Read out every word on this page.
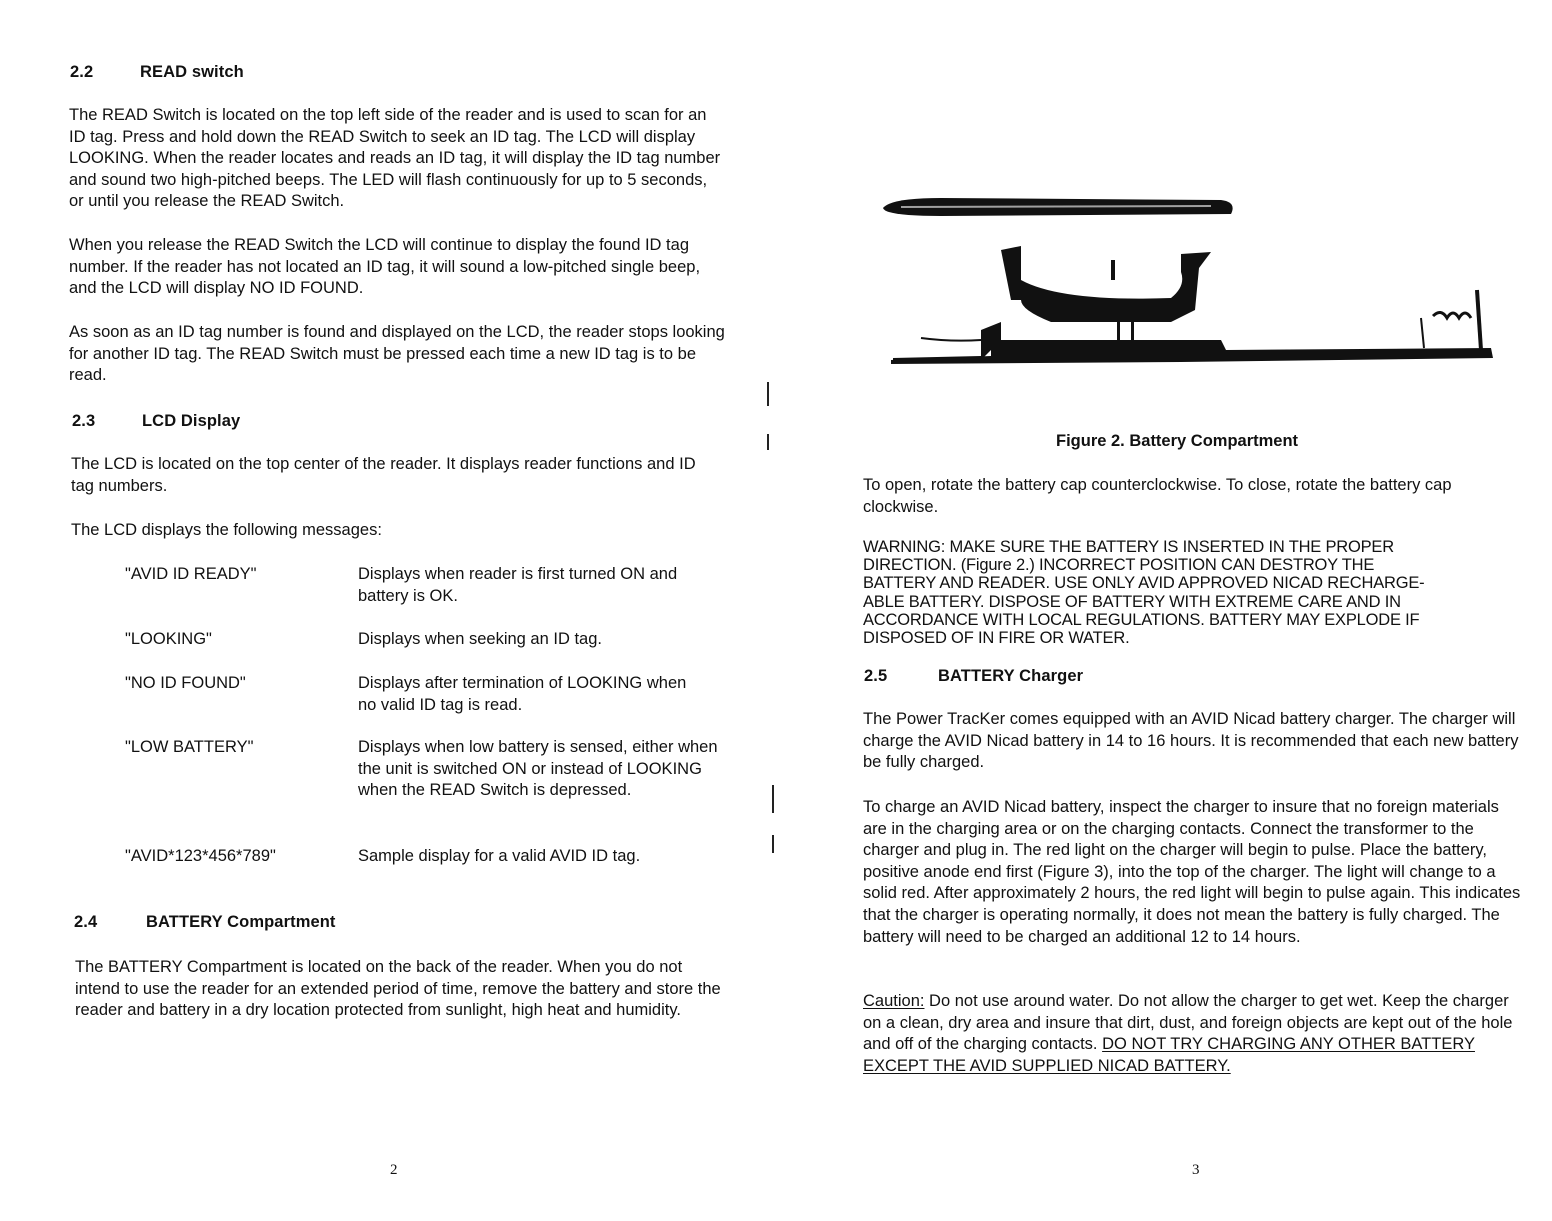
2.2	READ switch
The READ Switch is located on the top left side of the reader and is used to scan for an ID tag. Press and hold down the READ Switch to seek an ID tag. The LCD will display LOOKING. When the reader locates and reads an ID tag, it will display the ID tag number and sound two high-pitched beeps. The LED will flash continuously for up to 5 seconds, or until you release the READ Switch.
When you release the READ Switch the LCD will continue to display the found ID tag number. If the reader has not located an ID tag, it will sound a low-pitched single beep, and the LCD will display NO ID FOUND.
As soon as an ID tag number is found and displayed on the LCD, the reader stops looking for another ID tag. The READ Switch must be pressed each time a new ID tag is to be read.
2.3	LCD Display
The LCD is located on the top center of the reader. It displays reader functions and ID tag numbers.
The LCD displays the following messages:
"AVID ID READY"	Displays when reader is first turned ON and battery is OK.
"LOOKING"	Displays when seeking an ID tag.
"NO ID FOUND"	Displays after termination of LOOKING when no valid ID tag is read.
"LOW BATTERY"	Displays when low battery is sensed, either when the unit is switched ON or instead of LOOKING when the READ Switch is depressed.
"AVID*123*456*789"	Sample display for a valid AVID ID tag.
2.4	BATTERY Compartment
The BATTERY Compartment is located on the back of the reader. When you do not intend to use the reader for an extended period of time, remove the battery and store the reader and battery in a dry location protected from sunlight, high heat and humidity.
2
Figure 2. Battery Compartment
To open, rotate the battery cap counterclockwise. To close, rotate the battery cap clockwise.
WARNING: MAKE SURE THE BATTERY IS INSERTED IN THE PROPER
DIRECTION. (Figure 2.) INCORRECT POSITION CAN DESTROY THE
BATTERY AND READER. USE ONLY AVID APPROVED NICAD RECHARGE-
ABLE BATTERY. DISPOSE OF BATTERY WITH EXTREME CARE AND IN
ACCORDANCE WITH LOCAL REGULATIONS. BATTERY MAY EXPLODE IF
DISPOSED OF IN FIRE OR WATER.
2.5	BATTERY Charger
The Power TracKer comes equipped with an AVID Nicad battery charger. The charger will charge the AVID Nicad battery in 14 to 16 hours. It is recommended that each new battery be fully charged.
To charge an AVID Nicad battery, inspect the charger to insure that no foreign materials are in the charging area or on the charging contacts. Connect the transformer to the charger and plug in. The red light on the charger will begin to pulse. Place the battery, positive anode end first (Figure 3), into the top of the charger. The light will change to a solid red. After approximately 2 hours, the red light will begin to pulse again. This indicates that the charger is operating normally, it does not mean the battery is fully charged. The battery will need to be charged an additional 12 to 14 hours.
Caution: Do not use around water. Do not allow the charger to get wet. Keep the charger on a clean, dry area and insure that dirt, dust, and foreign objects are kept out of the hole and off of the charging contacts. DO NOT TRY CHARGING ANY OTHER BATTERY EXCEPT THE AVID SUPPLIED NICAD BATTERY.
3
